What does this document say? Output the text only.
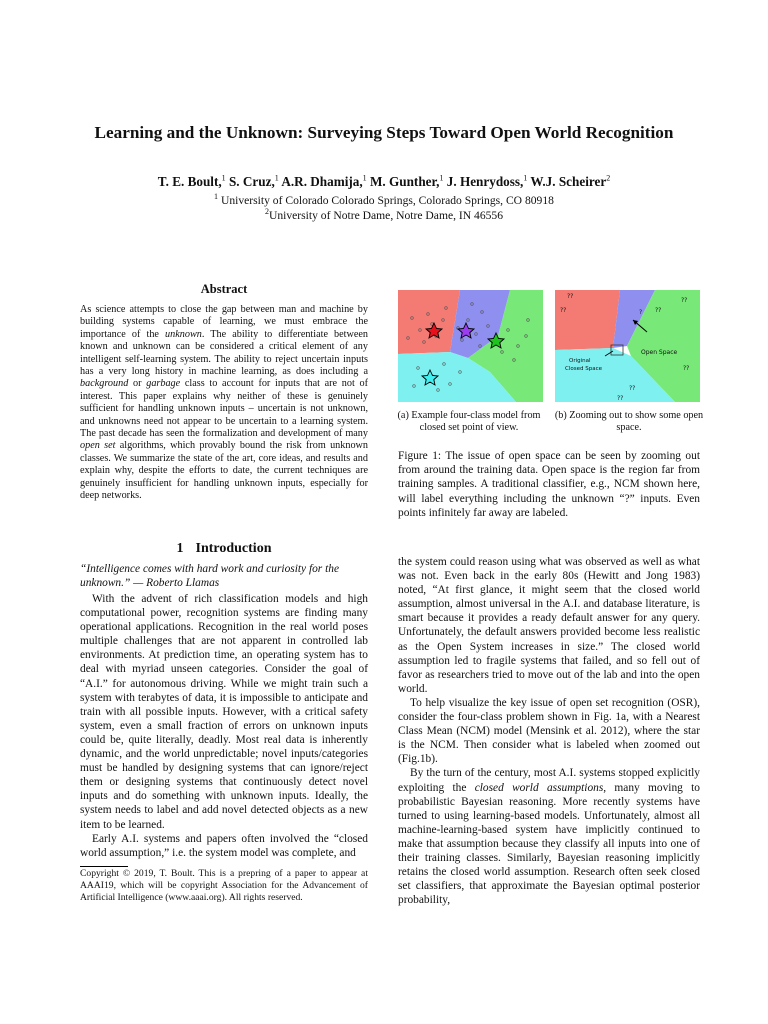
Learning and the Unknown: Surveying Steps Toward Open World Recognition
T. E. Boult,$^1$ S. Cruz,$^1$ A.R. Dhamija,$^1$ M. Gunther,$^1$ J. Henrydoss,$^1$ W.J. Scheirer$^2$
$^1$ University of Colorado Colorado Springs, Colorado Springs, CO 80918
$^2$University of Notre Dame, Notre Dame, IN 46556
Abstract
As science attempts to close the gap between man and machine by building systems capable of learning, we must embrace the importance of the unknown. The ability to differentiate between known and unknown can be considered a critical element of any intelligent self-learning system. The ability to reject uncertain inputs has a very long history in machine learning, as does including a background or garbage class to account for inputs that are not of interest. This paper explains why neither of these is genuinely sufficient for handling unknown inputs – uncertain is not unknown, and unknowns need not appear to be uncertain to a learning system. The past decade has seen the formalization and development of many open set algorithms, which provably bound the risk from unknown classes. We summarize the state of the art, core ideas, and results and explain why, despite the efforts to date, the current techniques are genuinely insufficient for handling unknown inputs, especially for deep networks.
1 Introduction
“Intelligence comes with hard work and curiosity for the unknown.” — Roberto Llamas

With the advent of rich classification models and high computational power, recognition systems are finding many operational applications. Recognition in the real world poses multiple challenges that are not apparent in controlled lab environments. At prediction time, an operating system has to deal with myriad unseen categories. Consider the goal of “A.I.” for autonomous driving. While we might train such a system with terabytes of data, it is impossible to anticipate and train with all possible inputs. However, with a critical safety system, even a small fraction of errors on unknown inputs could be, quite literally, deadly. Most real data is inherently dynamic, and the world unpredictable; novel inputs/categories must be handled by designing systems that can ignore/reject them or designing systems that continuously detect novel inputs and do something with unknown inputs. Ideally, the system needs to label and add novel detected objects as a new item to be learned.

Early A.I. systems and papers often involved the “closed world assumption,” i.e. the system model was complete, and

Copyright © 2019, T. Boult. This is a prepring of a paper to appear at AAAI19, which will be copyright Association for the Advancement of Artificial Intelligence (www.aaai.org). All rights reserved.
??
??	? ??
??
??
??
??
Open Space
Original
Closed Space
(a) Example four-class model from closed set point of view.
(b) Zooming out to show some open space.
Figure 1: The issue of open space can be seen by zooming out from around the training data. Open space is the region far from training samples. A traditional classifier, e.g., NCM shown here, will label everything including the unknown “?” inputs. Even points infinitely far away are labeled.

the system could reason using what was observed as well as what was not. Even back in the early 80s (Hewitt and Jong 1983) noted, “At first glance, it might seem that the closed world assumption, almost universal in the A.I. and database literature, is smart because it provides a ready default answer for any query. Unfortunately, the default answers provided become less realistic as the Open System increases in size.” The closed world assumption led to fragile systems that failed, and so fell out of favor as researchers tried to move out of the lab and into the open world.

To help visualize the key issue of open set recognition (OSR), consider the four-class problem shown in Fig. 1a, with a Nearest Class Mean (NCM) model (Mensink et al. 2012), where the star is the NCM. Then consider what is labeled when zoomed out (Fig.1b).

By the turn of the century, most A.I. systems stopped explicitly exploiting the closed world assumptions, many moving to probabilistic Bayesian reasoning. More recently systems have turned to using learning-based models. Unfortunately, almost all machine-learning-based system have implicitly continued to make that assumption because they classify all inputs into one of their training classes. Similarly, Bayesian reasoning implicitly retains the closed world assumption. Research often seek closed set classifiers, that approximate the Bayesian optimal posterior probability,
